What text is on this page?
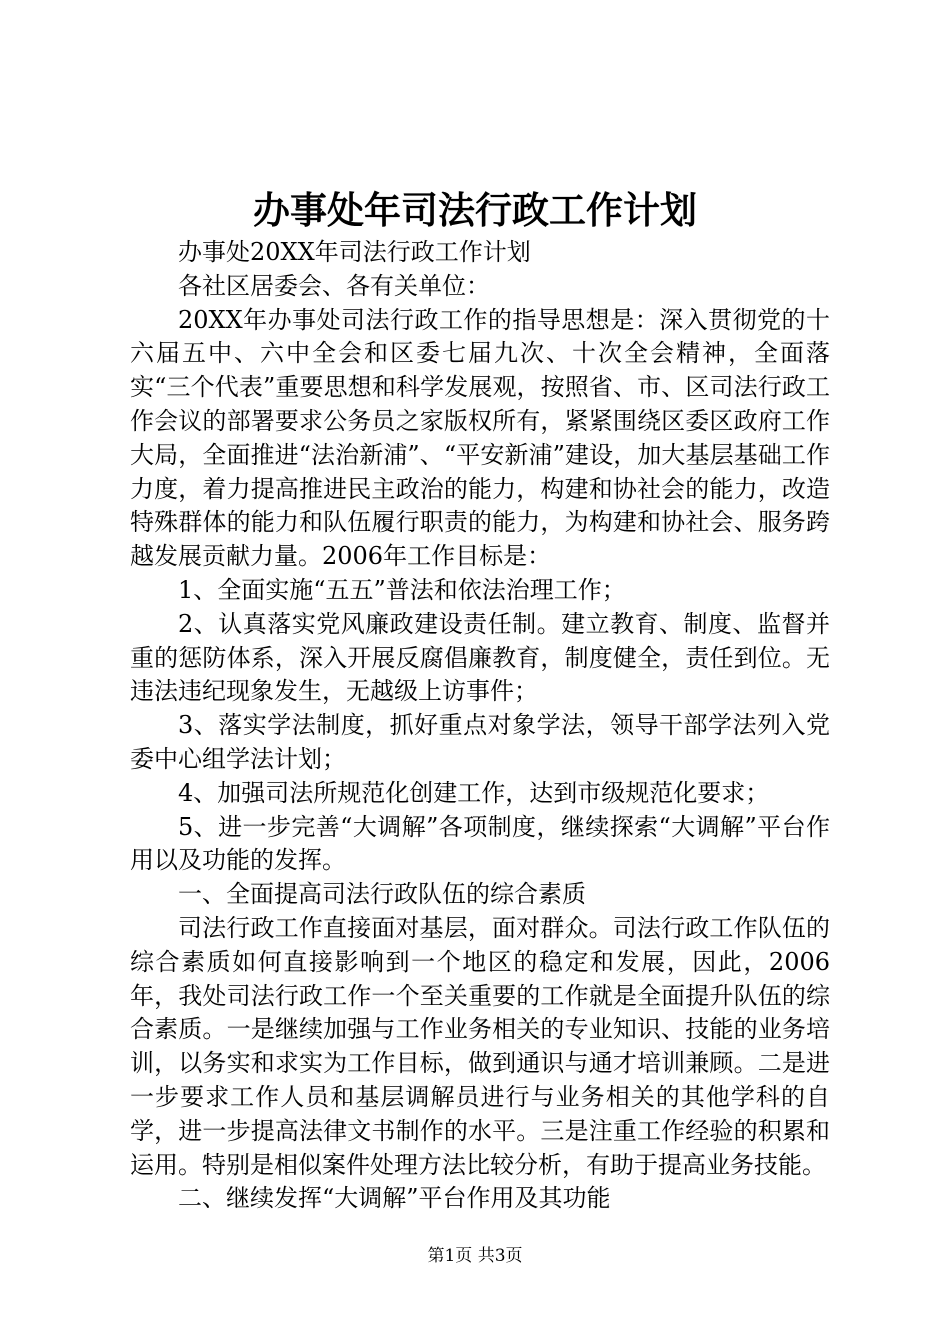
办事处年司法行政工作计划

办事处20XX年司法行政工作计划

各社区居委会、各有关单位：

20XX年办事处司法行政工作的指导思想是：深入贯彻党的十六届五中、六中全会和区委七届九次、十次全会精神，全面落实“三个代表”重要思想和科学发展观，按照省、市、区司法行政工作会议的部署要求公务员之家版权所有，紧紧围绕区委区政府工作大局，全面推进“法治新浦”、“平安新浦”建设，加大基层基础工作力度，着力提高推进民主政治的能力，构建和协社会的能力，改造特殊群体的能力和队伍履行职责的能力，为构建和协社会、服务跨越发展贡献力量。2006年工作目标是：

1、全面实施“五五”普法和依法治理工作；

2、认真落实党风廉政建设责任制。建立教育、制度、监督并重的惩防体系，深入开展反腐倡廉教育，制度健全，责任到位。无违法违纪现象发生，无越级上访事件；

3、落实学法制度，抓好重点对象学法，领导干部学法列入党委中心组学法计划；

4、加强司法所规范化创建工作，达到市级规范化要求；

5、进一步完善“大调解”各项制度，继续探索“大调解”平台作用以及功能的发挥。

一、全面提高司法行政队伍的综合素质

司法行政工作直接面对基层，面对群众。司法行政工作队伍的综合素质如何直接影响到一个地区的稳定和发展，因此，2006年，我处司法行政工作一个至关重要的工作就是全面提升队伍的综合素质。一是继续加强与工作业务相关的专业知识、技能的业务培训，以务实和求实为工作目标，做到通识与通才培训兼顾。二是进一步要求工作人员和基层调解员进行与业务相关的其他学科的自学，进一步提高法律文书制作的水平。三是注重工作经验的积累和运用。特别是相似案件处理方法比较分析，有助于提高业务技能。

二、继续发挥“大调解”平台作用及其功能

第1页 共3页
